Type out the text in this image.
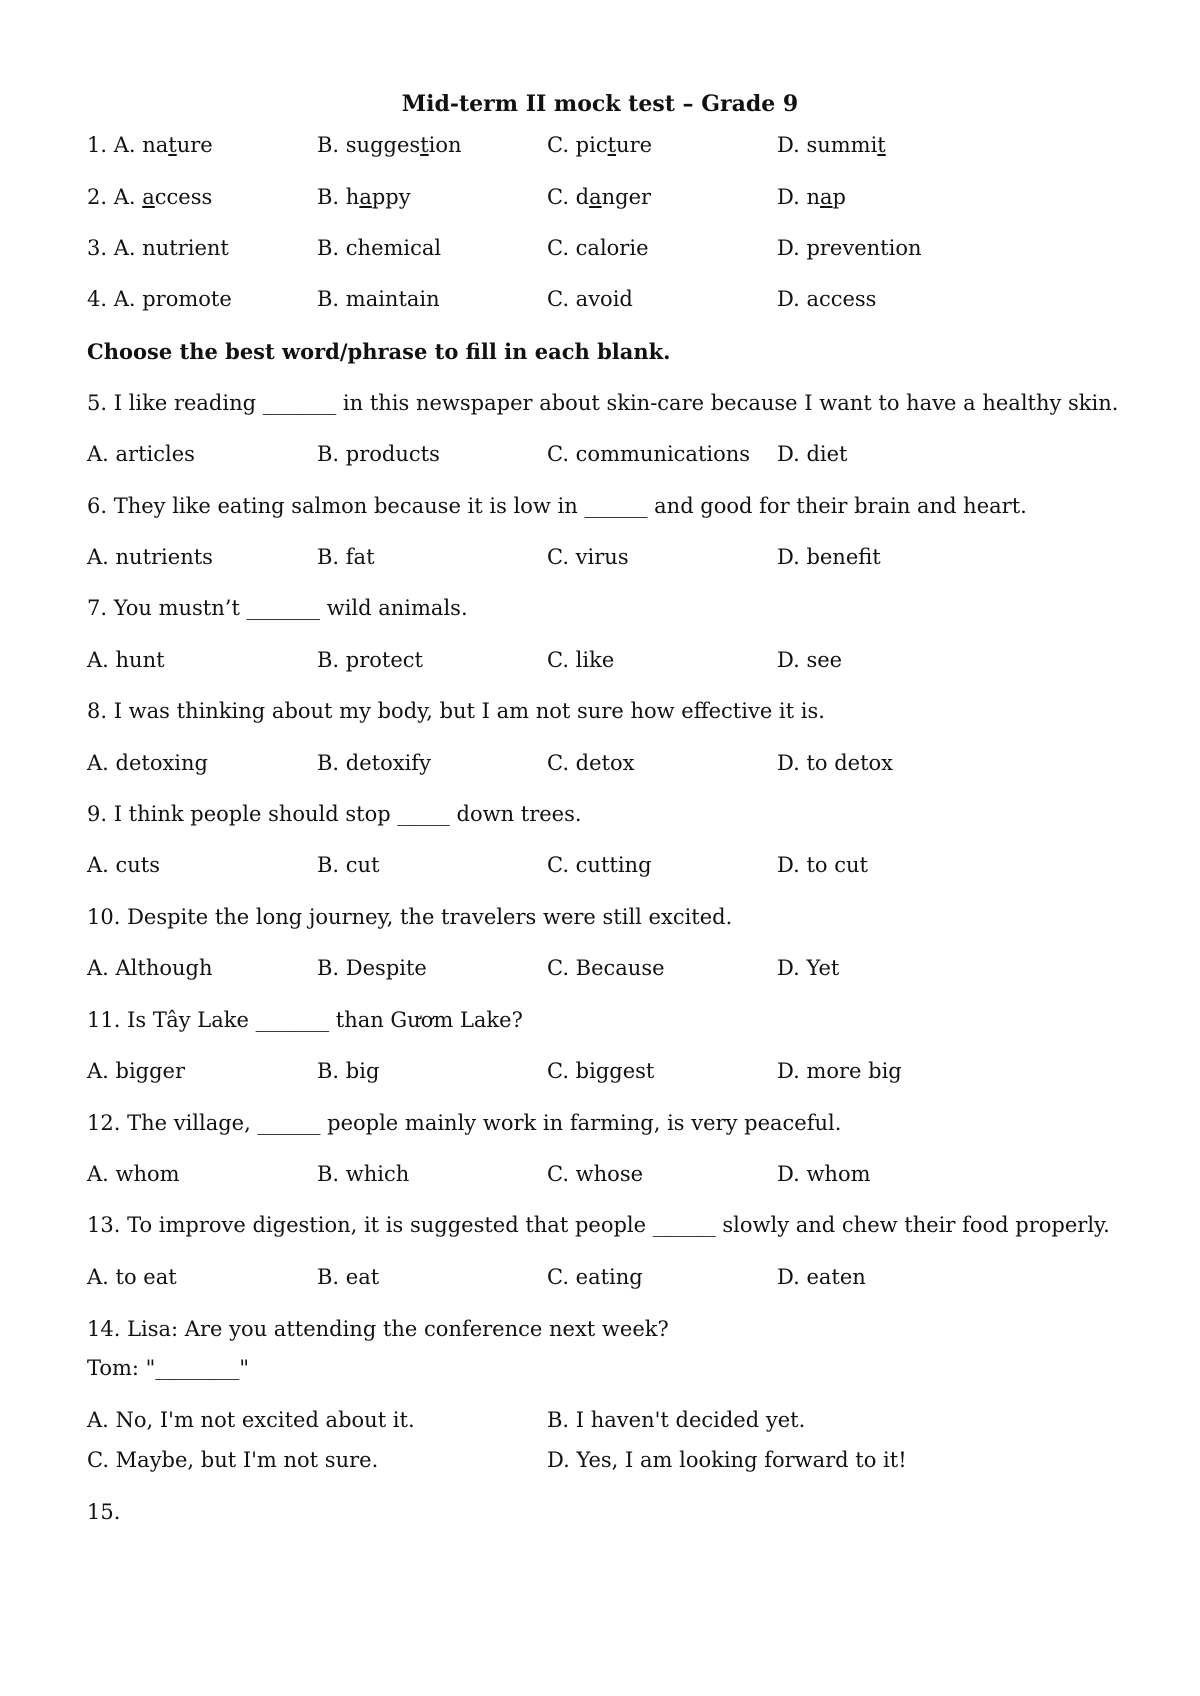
Mid-term II mock test – Grade 9
1. A. nature	B. suggestion	C. picture	D. summit
2. A. access	B. happy	C. danger	D. nap
3. A. nutrient	B. chemical	C. calorie	D. prevention
4. A. promote	B. maintain	C. avoid	D. access
Choose the best word/phrase to fill in each blank.
5. I like reading _______ in this newspaper about skin-care because I want to have a healthy skin.
A. articles	B. products	C. communications D. diet
6. They like eating salmon because it is low in ______ and good for their brain and heart.
A. nutrients	B. fat	C. virus	D. benefit
7. You mustn’t _______ wild animals.
A. hunt	B. protect	C. like	D. see
8. I was thinking about my body, but I am not sure how effective it is.
A. detoxing	B. detoxify	C. detox	D. to detox
9. I think people should stop _____ down trees.
A. cuts	B. cut	C. cutting	D. to cut
10. Despite the long journey, the travelers were still excited.
A. Although	B. Despite	C. Because	D. Yet
11. Is Tây Lake _______ than Gươm Lake?
A. bigger	B. big	C. biggest	D. more big
12. The village, ______ people mainly work in farming, is very peaceful.
A. whom	B. which	C. whose	D. whom
13. To improve digestion, it is suggested that people ______ slowly and chew their food properly.
A. to eat	B. eat	C. eating	D. eaten
14. Lisa: Are you attending the conference next week?
Tom: "________"
A. No, I'm not excited about it.	B. I haven't decided yet.
C. Maybe, but I'm not sure.	D. Yes, I am looking forward to it!
15.
